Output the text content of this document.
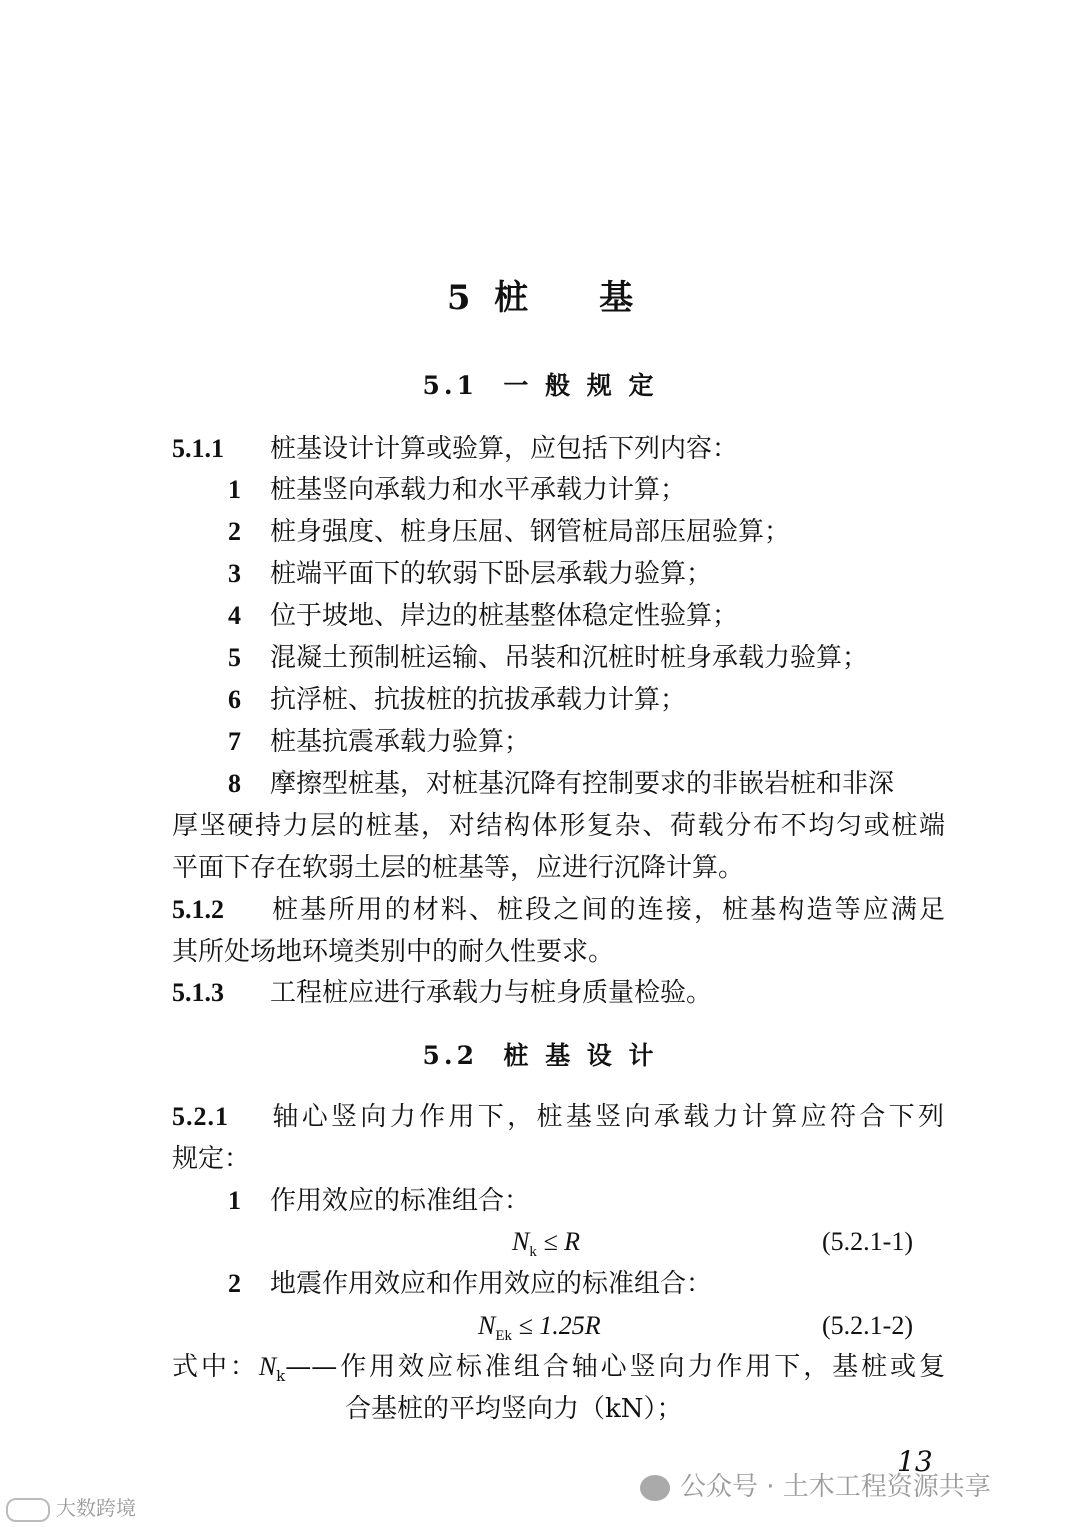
5  桩      基
5.1  一 般 规 定
5.1.1 桩基设计计算或验算，应包括下列内容：
1 桩基竖向承载力和水平承载力计算；
2 桩身强度、桩身压屈、钢管桩局部压屈验算；
3 桩端平面下的软弱下卧层承载力验算；
4 位于坡地、岸边的桩基整体稳定性验算；
5 混凝土预制桩运输、吊装和沉桩时桩身承载力验算；
6 抗浮桩、抗拔桩的抗拔承载力计算；
7 桩基抗震承载力验算；
8 摩擦型桩基，对桩基沉降有控制要求的非嵌岩桩和非深
厚坚硬持力层的桩基，对结构体形复杂、荷载分布不均匀或桩端
平面下存在软弱土层的桩基等，应进行沉降计算。
5.1.2 桩基所用的材料、桩段之间的连接，桩基构造等应满足
其所处场地环境类别中的耐久性要求。
5.1.3 工程桩应进行承载力与桩身质量检验。
5.2  桩 基 设 计
5.2.1 轴心竖向力作用下，桩基竖向承载力计算应符合下列
规定：
1 作用效应的标准组合：
$N_k \le R$	(5.2.1-1)
2 地震作用效应和作用效应的标准组合：
$N_{Ek} \le 1.25R$	(5.2.1-2)
式中：$N_k——$作用效应标准组合轴心竖向力作用下，基桩或复
合基桩的平均竖向力（kN）；
13
公众号 · 土木工程资源共享
大数跨境
